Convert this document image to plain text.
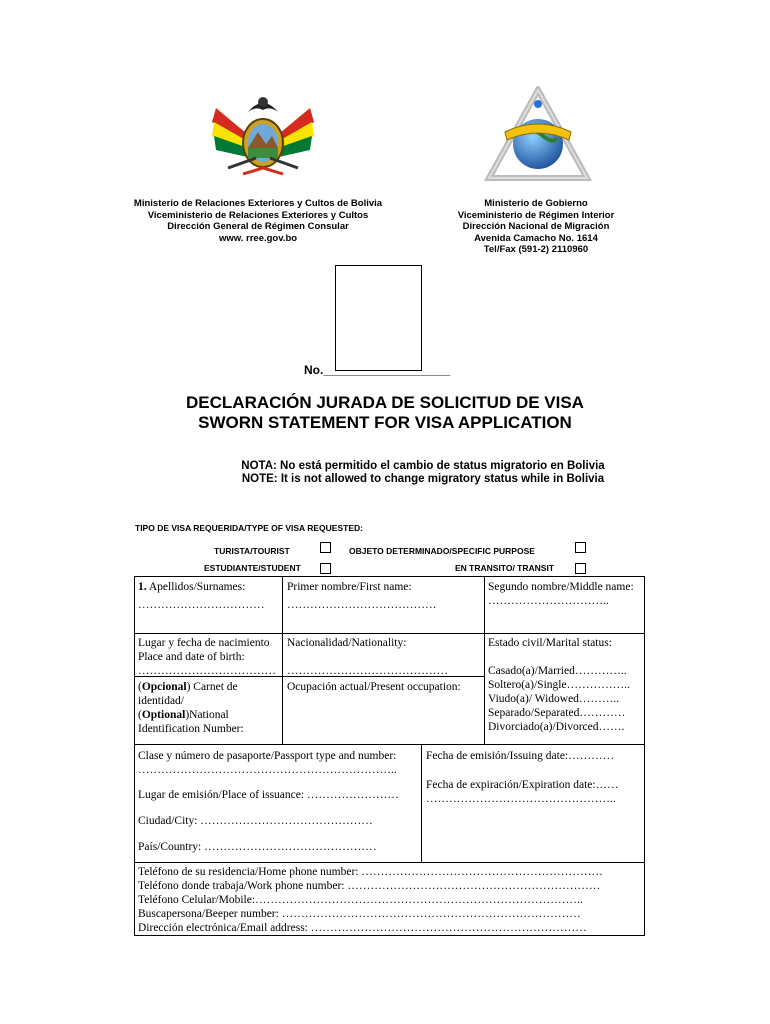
Ministerio de Relaciones Exteriores y Cultos de Bolivia
Viceministerio de Relaciones Exteriores y Cultos
Dirección General de Régimen Consular
www. rree.gov.bo
Ministerio de Gobierno
Viceministerio de Régimen Interior
Dirección Nacional de Migración
Avenida Camacho No. 1614
Tel/Fax (591-2) 2110960
No.___________________
DECLARACIÓN JURADA DE SOLICITUD DE VISA
SWORN STATEMENT FOR VISA APPLICATION
NOTA: No está permitido el cambio de status migratorio en Bolivia
NOTE: It is not allowed to change migratory status while in Bolivia
TIPO DE VISA REQUERIDA/TYPE OF VISA REQUESTED:
TURISTA/TOURIST	OBJETO DETERMINADO/SPECIFIC PURPOSE
ESTUDIANTE/STUDENT	EN TRANSITO/ TRANSIT
1. Apellidos/Surnames:
……………………………
Primer nombre/First name:
…………………………………
Segundo nombre/Middle name:
…………………………..
Lugar y fecha de nacimiento
Place and date of birth:
………………………………
Nacionalidad/Nationality:
……………………………………
Estado civil/Marital status:
Casado(a)/Married…………..
Soltero(a)/Single……………..
Viudo(a)/ Widowed………..
Separado/Separated…………
Divorciado(a)/Divorced…….
(Opcional) Carnet de
identidad/
(Optional)National
Identification Number:
Ocupación actual/Present occupation:
Clase y número de pasaporte/Passport type and number:
…………………………………………………………..
Lugar de emisión/Place of issuance: ……………………
Ciudad/City: ………………………………………
País/Country: ………………………………………
Fecha de emisión/Issuing date:…………
Fecha de expiración/Expiration date:……
…………………………………………..
Teléfono de su residencia/Home phone number: ………………………………………………………
Teléfono donde trabaja/Work phone number: …………………………………………………………
Teléfono Celular/Mobile:…………………………………………………………………………..
Buscapersona/Beeper number: ……………………………………………………………………
Dirección electrónica/Email address: ………………………………………………………………
